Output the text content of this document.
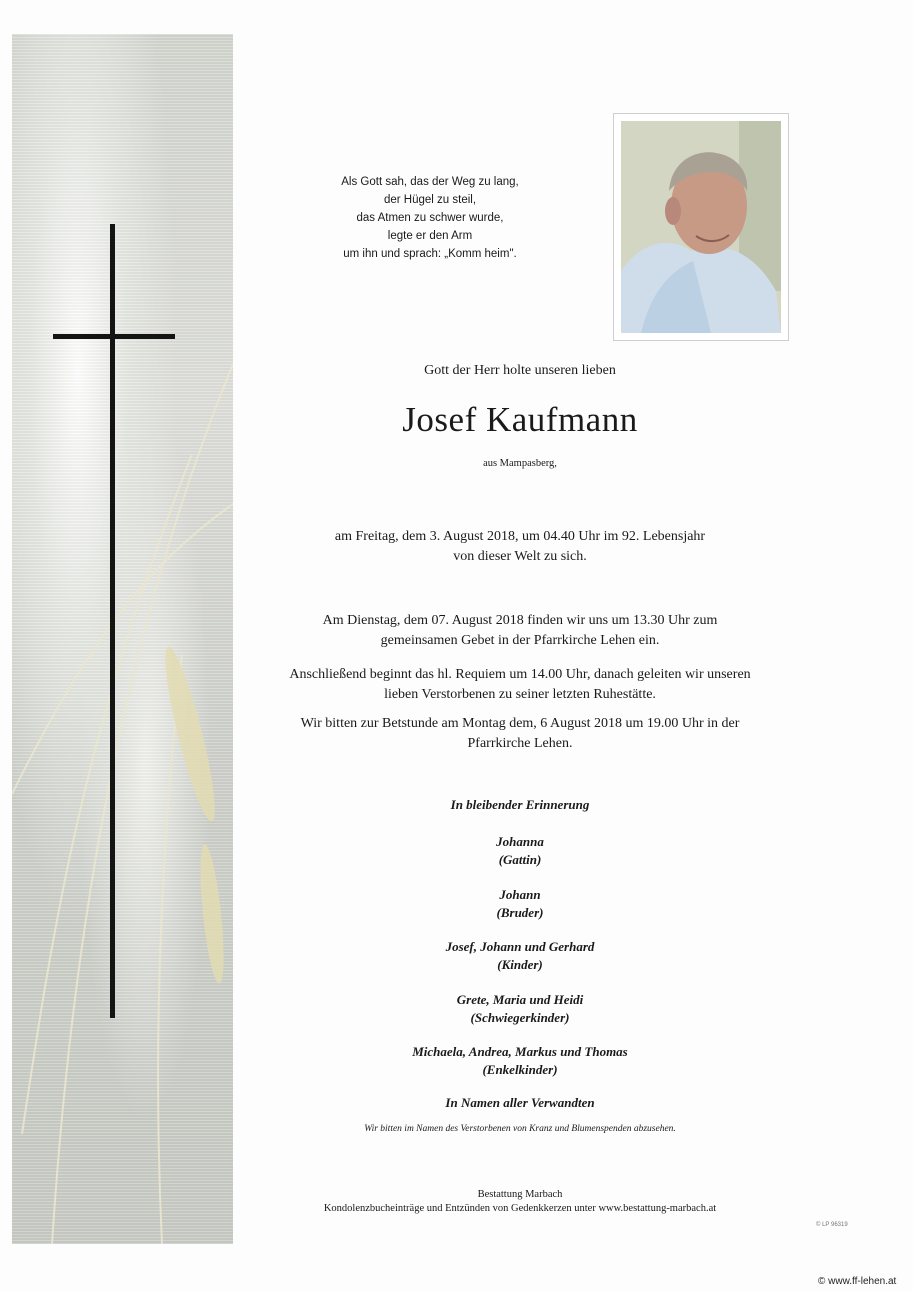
Als Gott sah, das der Weg zu lang,
der Hügel zu steil,
das Atmen zu schwer wurde,
legte er den Arm
um ihn und sprach: „Komm heim".
Gott der Herr holte unseren lieben
Josef Kaufmann
aus Mampasberg,
am Freitag, dem 3. August 2018, um 04.40 Uhr im 92. Lebensjahr
von dieser Welt zu sich.
Am Dienstag, dem 07. August 2018 finden wir uns um 13.30 Uhr zum
gemeinsamen Gebet in der Pfarrkirche Lehen ein.
Anschließend beginnt das hl. Requiem um 14.00 Uhr, danach geleiten wir unseren
lieben Verstorbenen zu seiner letzten Ruhestätte.
Wir bitten zur Betstunde am Montag dem, 6 August 2018 um 19.00 Uhr in der
Pfarrkirche Lehen.
In bleibender Erinnerung
Johanna
(Gattin)
Johann
(Bruder)
Josef, Johann und Gerhard
(Kinder)
Grete, Maria und Heidi
(Schwiegerkinder)
Michaela, Andrea, Markus und Thomas
(Enkelkinder)
In Namen aller Verwandten
Wir bitten im Namen des Verstorbenen von Kranz und Blumenspenden abzusehen.
Bestattung Marbach
Kondolenzbucheinträge und Entzünden von Gedenkkerzen unter www.bestattung-marbach.at
© LP 96319
© www.ff-lehen.at
